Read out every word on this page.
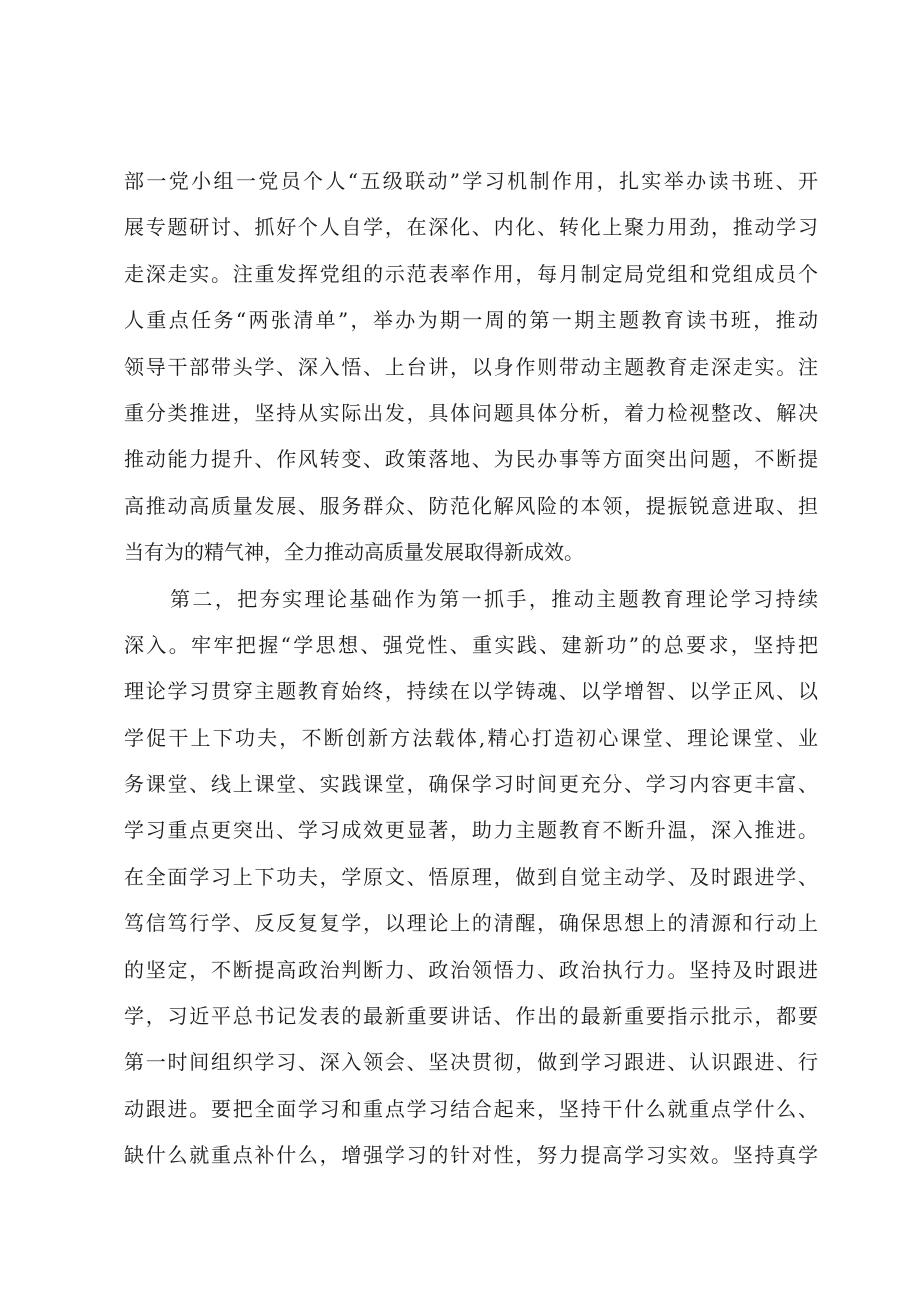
部一党小组一党员个人“五级联动”学习机制作用，扎实举办读书班、开
展专题研讨、抓好个人自学，在深化、内化、转化上聚力用劲，推动学习
走深走实。注重发挥党组的示范表率作用，每月制定局党组和党组成员个
人重点任务“两张清单”，举办为期一周的第一期主题教育读书班，推动
领导干部带头学、深入悟、上台讲，以身作则带动主题教育走深走实。注
重分类推进，坚持从实际出发，具体问题具体分析，着力检视整改、解决
推动能力提升、作风转变、政策落地、为民办事等方面突出问题，不断提
高推动高质量发展、服务群众、防范化解风险的本领，提振锐意进取、担
当有为的精气神，全力推动高质量发展取得新成效。
第二，把夯实理论基础作为第一抓手，推动主题教育理论学习持续
深入。牢牢把握“学思想、强党性、重实践、建新功”的总要求，坚持把
理论学习贯穿主题教育始终，持续在以学铸魂、以学增智、以学正风、以
学促干上下功夫，不断创新方法载体,精心打造初心课堂、理论课堂、业
务课堂、线上课堂、实践课堂，确保学习时间更充分、学习内容更丰富、
学习重点更突出、学习成效更显著，助力主题教育不断升温，深入推进。
在全面学习上下功夫，学原文、悟原理，做到自觉主动学、及时跟进学、
笃信笃行学、反反复复学，以理论上的清醒，确保思想上的清源和行动上
的坚定，不断提高政治判断力、政治领悟力、政治执行力。坚持及时跟进
学，习近平总书记发表的最新重要讲话、作出的最新重要指示批示，都要
第一时间组织学习、深入领会、坚决贯彻，做到学习跟进、认识跟进、行
动跟进。要把全面学习和重点学习结合起来，坚持干什么就重点学什么、
缺什么就重点补什么，增强学习的针对性，努力提高学习实效。坚持真学
